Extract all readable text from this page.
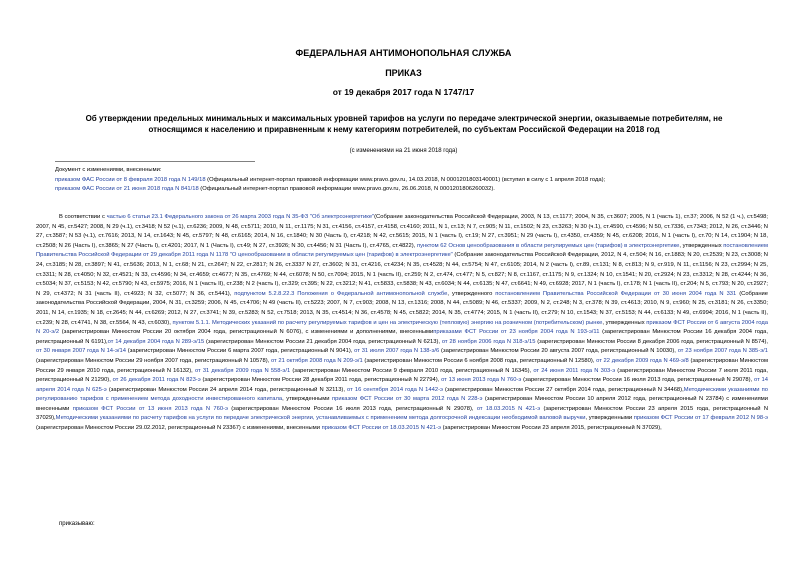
ФЕДЕРАЛЬНАЯ АНТИМОНОПОЛЬНАЯ СЛУЖБА
ПРИКАЗ
от 19 декабря 2017 года N 1747/17
Об утверждении предельных минимальных и максимальных уровней тарифов на услуги по передаче электрической энергии, оказываемые потребителям, не относящимся к населению и приравненным к нему категориям потребителей, по субъектам Российской Федерации на 2018 год
(с изменениями на 21 июня 2018 года)
Документ с изменениями, внесенными:
приказом ФАС России от 8 февраля 2018 года N 149/18 (Официальный интернет-портал правовой информации www.pravo.gov.ru, 14.03.2018, N 0001201803140001) (вступил в силу с 1 апреля 2018 года);
приказом ФАС России от 21 июня 2018 года N 841/18 (Официальный интернет-портал правовой информации www.pravo.gov.ru, 26.06.2018, N 0001201806260032).

В соответствии с частью 6 статьи 23.1 Федерального закона от 26 марта 2003 года N 35-ФЗ "Об электроэнергетике"(Собрание законодательства Российской Федерации, 2003, N 13, ст.1177; 2004, N 35, ст.3607; 2005, N 1 (часть 1), ст.37; 2006, N 52 (1 ч.), ст.5498; 2007, N 45, ст.5427; 2008, N 29 (ч.1), ст.3418; N 52 (ч.1), ст.6236; 2009, N 48, ст.5711; 2010, N 11, ст.1175; N 31, ст.4156, ст.4157, ст.4158, ст.4160; 2011, N 1, ст.13; N 7, ст.905; N 11, ст.1502; N 23, ст.3263; N 30 (ч.1), ст.4590, ст.4596; N 50, ст.7336, ст.7343; 2012, N 26, ст.3446; N 27, ст.3587; N 53 (ч.1), ст.7616; 2013, N 14, ст.1643; N 45, ст.5797; N 48, ст.6165; 2014, N 16, ст.1840; N 30 (Часть I), ст.4218; N 42, ст.5615; 2015, N 1 (часть I), ст.19; N 27, ст.3951; N 29 (часть I), ст.4350, ст.4359; N 45, ст.6208; 2016, N 1 (часть I), ст.70; N 14, ст.1904; N 18, ст.2508; N 26 (Часть I), ст.3865; N 27 (Часть I), ст.4201; 2017, N 1 (Часть I), ст.49; N 27, ст.3926; N 30, ст.4456; N 31 (Часть I), ст.4765, ст.4822), пунктом 62 Основ ценообразования в области регулируемых цен (тарифов) в электроэнергетике, утвержденных постановлением Правительства Российской Федерации от 29 декабря 2011 года N 1178 "О ценообразовании в области регулируемых цен (тарифов) в электроэнергетике" (Собрание законодательства Российской Федерации, 2012, N 4, ст.504; N 16, ст.1883; N 20, ст.2539; N 23, ст.3008; N 24, ст.3185; N 28, ст.3897; N 41, ст.5636; 2013, N 1, ст.68; N 21, ст.2647; N 22, ст.2817; N 26, ст.3337 N 27, ст.3602; N 31, ст.4216, ст.4234; N 35, ст.4528; N 44, ст.5754; N 47, ст.6105; 2014, N 2 (часть I), ст.89, ст.131; N 8, ст.813; N 9, ст.919, N 11, ст.1156; N 23, ст.2994; N 25, ст.3311; N 28, ст.4050; N 32, ст.4521; N 33, ст.4596; N 34, ст.4659; ст.4677; N 35, ст.4769; N 44, ст.6078; N 50, ст.7094; 2015, N 1 (часть II), ст.259; N 2, ст.474, ст.477; N 5, ст.827; N 8, ст.1167, ст.1175; N 9, ст.1324; N 10, ст.1541; N 20, ст.2924; N 23, ст.3312; N 28, ст.4244; N 36, ст.5034; N 37, ст.5153; N 42, ст.5790; N 43, ст.5975; 2016, N 1 (часть II), ст.238; N 2 (часть I), ст.329; ст.395; N 22, ст.3212; N 41, ст.5833, ст.5838; N 43, ст.6034; N 44, ст.6135; N 47, ст.6641; N 49, ст.6928; 2017, N 1 (часть I), ст.178; N 1 (часть II), ст.204; N 5, ст.793; N 20, ст.2927; N 29, ст.4372; N 31 (часть II), ст.4923; N 32, ст.5077; N 36, ст.5441), подпунктом 5.2.8.22.3 Положения о Федеральной антимонопольной службе, утвержденного постановлением Правительства Российской Федерации от 30 июня 2004 года N 331 (Собрание законодательства Российской Федерации, 2004, N 31, ст.3259; 2006, N 45, ст.4706; N 49 (часть II), ст.5223; 2007, N 7, ст.903; 2008, N 13, ст.1316; 2008, N 44, ст.5089; N 46, ст.5337; 2009, N 2, ст.248; N 3, ст.378; N 39, ст.4613; 2010, N 9, ст.960; N 25, ст.3181; N 26, ст.3350; 2011, N 14, ст.1935; N 18, ст.2645; N 44, ст.6269; 2012, N 27, ст.3741; N 39, ст.5283; N 52, ст.7518; 2013, N 35, ст.4514; N 36, ст.4578; N 45, ст.5822; 2014, N 35, ст.4774; 2015, N 1 (часть II), ст.279; N 10, ст.1543; N 37, ст.5153; N 44, ст.6133; N 49, ст.6994; 2016, N 1 (часть II), ст.239; N 28, ст.4741, N 38, ст.5564, N 43, ст.6030), пунктом 5.1.1. Методических указаний по расчету регулируемых тарифов и цен на электрическую (тепловую) энергию на розничном (потребительском) рынке, утвержденных приказом ФСТ России от 6 августа 2004 года N 20-э/2 (зарегистрирован Минюстом России 20 октября 2004 года, регистрационный N 6076), с изменениями и дополнениями, внесеннымиприказами ФСТ России от 23 ноября 2004 года N 193-э/11 (зарегистрирован Минюстом России 16 декабря 2004 года, регистрационный N 6191),от 14 декабря 2004 года N 289-э/15 (зарегистрирован Минюстом России 21 декабря 2004 года, регистрационный N 6213), от 28 ноября 2006 года N 318-э/15 (зарегистрирован Минюстом России 8 декабря 2006 года, регистрационный N 8574), от 30 января 2007 года N 14-э/14 (зарегистрирован Минюстом России 6 марта 2007 года, регистрационный N 9041), от 31 июля 2007 года N 138-э/6 (зарегистрирован Минюстом России 20 августа 2007 года, регистрационный N 10030), от 23 ноября 2007 года N 385-э/1 (зарегистрирован Минюстом России 29 ноября 2007 года, регистрационный N 10578), от 21 октября 2008 года N 209-э/1 (зарегистрирован Минюстом России 6 ноября 2008 года, регистрационный N 12580), от 22 декабря 2009 года N 469-э/8 (зарегистрирован Минюстом России 29 января 2010 года, регистрационный N 16132), от 31 декабря 2009 года N 558-э/1 (зарегистрирован Минюстом России 9 февраля 2010 года, регистрационный N 16345), от 24 июня 2011 года N 303-э (зарегистрирован Минюстом России 7 июля 2011 года, регистрационный N 21290), от 26 декабря 2011 года N 823-э (зарегистрирован Минюстом России 28 декабря 2011 года, регистрационный N 22794), от 13 июня 2013 года N 760-э (зарегистрирован Минюстом России 16 июля 2013 года, регистрационный N 29078), от 14 апреля 2014 года N 625-э (зарегистрирован Минюстом России 24 апреля 2014 года, регистрационный N 32113), от 16 сентября 2014 года N 1442-э (зарегистрирован Минюстом России 27 октября 2014 года, регистрационный N 34468),Методическими указаниями по регулированию тарифов с применением метода доходности инвестированного капитала, утвержденными приказом ФСТ России от 30 марта 2012 года N 228-э (зарегистрирован Минюстом России 10 апреля 2012 года, регистрационный N 23784) с изменениями внесенными приказом ФСТ России от 13 июня 2013 года N 760-э (зарегистрирован Минюстом России 16 июля 2013 года, регистрационный N 29078), от 18.03.2015 N 421-э (зарегистрирован Минюстом России 23 апреля 2015 года, регистрационный N 37029),Методическими указаниями по расчету тарифов на услуги по передаче электрической энергии, устанавливаемых с применением метода долгосрочной индексации необходимой валовой выручки, утвержденными приказом ФСТ России от 17 февраля 2012 N 98-э (зарегистрирован Минюстом России 29.02.2012, регистрационный N 23367) с изменениями, внесенными приказом ФСТ России от 18.03.2015 N 421-э (зарегистрирован Минюстом России 23 апреля 2015, регистрационный N 37029),

приказываю:
